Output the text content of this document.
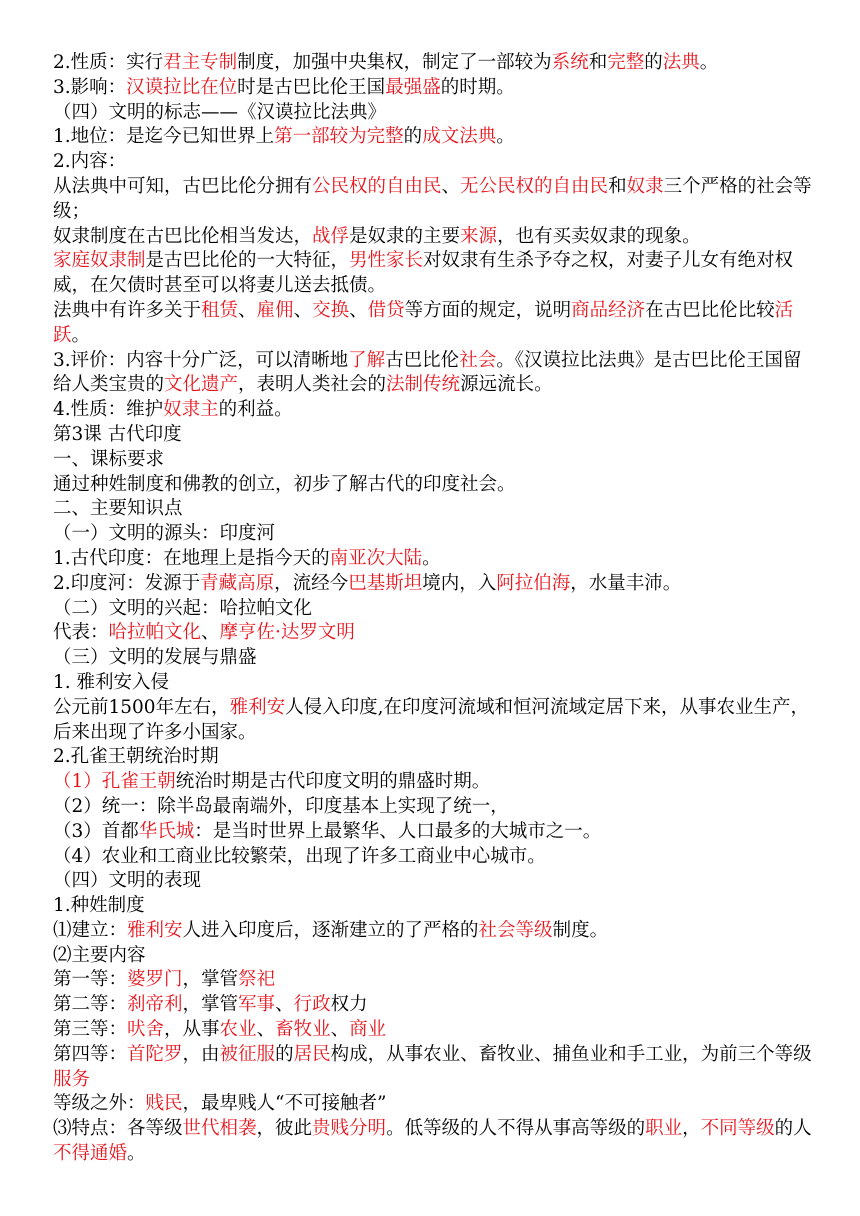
2.性质：实行君主专制制度，加强中央集权，制定了一部较为系统和完整的法典。

3.影响：汉谟拉比在位时是古巴比伦王国最强盛的时期。

（四）文明的标志——《汉谟拉比法典》

1.地位：是迄今已知世界上第一部较为完整的成文法典。

2.内容：

从法典中可知，古巴比伦分拥有公民权的自由民、无公民权的自由民和奴隶三个严格的社会等级；

奴隶制度在古巴比伦相当发达，战俘是奴隶的主要来源，也有买卖奴隶的现象。

家庭奴隶制是古巴比伦的一大特征，男性家长对奴隶有生杀予夺之权，对妻子儿女有绝对权威，在欠债时甚至可以将妻儿送去抵债。

法典中有许多关于租赁、雇佣、交换、借贷等方面的规定，说明商品经济在古巴比伦比较活跃。

3.评价：内容十分广泛，可以清晰地了解古巴比伦社会。《汉谟拉比法典》是古巴比伦王国留给人类宝贵的文化遗产，表明人类社会的法制传统源远流长。

4.性质：维护奴隶主的利益。

第3课 古代印度

一、课标要求

通过种姓制度和佛教的创立，初步了解古代的印度社会。

二、主要知识点

（一）文明的源头：印度河

1.古代印度：在地理上是指今天的南亚次大陆。

2.印度河：发源于青藏高原，流经今巴基斯坦境内，入阿拉伯海，水量丰沛。

（二）文明的兴起：哈拉帕文化

代表：哈拉帕文化、摩亨佐·达罗文明

（三）文明的发展与鼎盛

1. 雅利安入侵

公元前1500年左右，雅利安人侵入印度,在印度河流域和恒河流域定居下来，从事农业生产，后来出现了许多小国家。

2.孔雀王朝统治时期

（1）孔雀王朝统治时期是古代印度文明的鼎盛时期。

（2）统一：除半岛最南端外，印度基本上实现了统一，

（3）首都华氏城：是当时世界上最繁华、人口最多的大城市之一。

（4）农业和工商业比较繁荣，出现了许多工商业中心城市。

（四）文明的表现

1.种姓制度

⑴建立：雅利安人进入印度后，逐渐建立的了严格的社会等级制度。

⑵主要内容

第一等：婆罗门，掌管祭祀

第二等：刹帝利，掌管军事、行政权力

第三等：吠舍，从事农业、畜牧业、商业

第四等：首陀罗，由被征服的居民构成，从事农业、畜牧业、捕鱼业和手工业，为前三个等级服务

等级之外：贱民，最卑贱人“不可接触者”

⑶特点：各等级世代相袭，彼此贵贱分明。低等级的人不得从事高等级的职业，不同等级的人不得通婚。
